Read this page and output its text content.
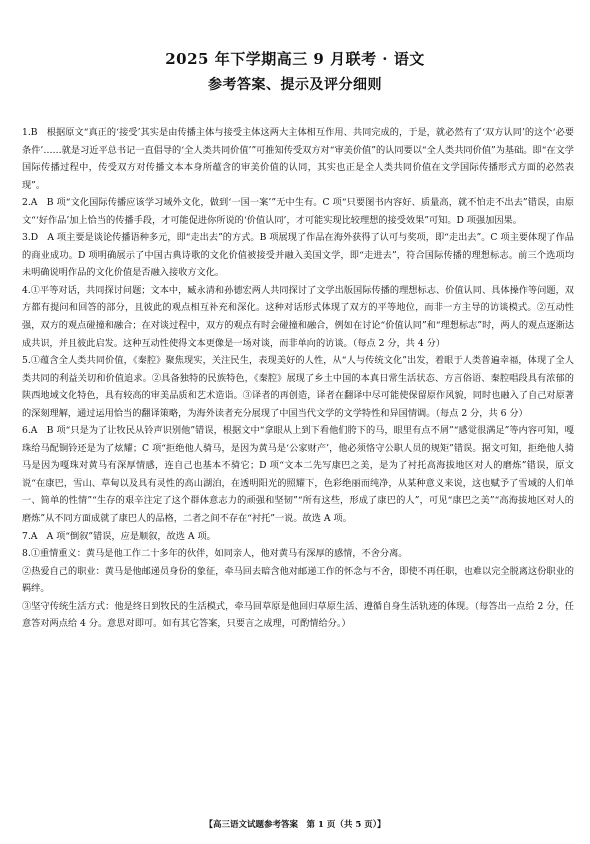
2025 年下学期高三 9 月联考 · 语文
参考答案、提示及评分细则

1.B　根据原文“真正的‘接受’其实是由传播主体与接受主体这两大主体相互作用、共同完成的，于是，就必然有了‘双方认同’的这个‘必要条件’……就是习近平总书记一直倡导的‘全人类共同价值’”可推知传受双方对“审美价值”的认同要以“全人类共同价值”为基础。即“在文学国际传播过程中，传受双方对传播文本本身所蕴含的审美价值的认同，其实也正是全人类共同价值在文学国际传播形式方面的必然表现”。

2.A　B 项“文化国际传播应该学习域外文化，做到‘一国一案’”无中生有。C 项“只要图书内容好、质量高，就不怕走不出去”错误，由原文“‘好作品’加上恰当的传播手段，才可能促进你所说的‘价值认同’，才可能实现比较理想的接受效果”可知。D 项强加因果。

3.D　A 项主要是谈论传播语种多元，即“走出去”的方式。B 项展现了作品在海外获得了认可与奖项，即“走出去”。C 项主要体现了作品的商业成功。D 项明确展示了中国古典诗歌的文化价值被接受并融入美国文学，即“走进去”，符合国际传播的理想标志。前三个选项均未明确说明作品的文化价值是否融入接收方文化。

4.①平等对话，共同探讨问题；文本中，臧永清和孙德宏两人共同探讨了文学出版国际传播的理想标志、价值认同、具体操作等问题，双方都有提问和回答的部分，且彼此的观点相互补充和深化。这种对话形式体现了双方的平等地位，而非一方主导的访谈模式。②互动性强，双方的观点碰撞和融合；在对谈过程中，双方的观点有时会碰撞和融合，例如在讨论“价值认同”和“理想标志”时，两人的观点逐渐达成共识，并且彼此启发。这种互动性使得文本更像是一场对谈，而非单向的访谈。（每点 2 分，共 4 分）

5.①蕴含全人类共同价值，《秦腔》聚焦现实，关注民生，表现美好的人性，从“人与传统文化”出发，着眼于人类普遍幸福，体现了全人类共同的利益关切和价值追求。②具备独特的民族特色，《秦腔》展现了乡土中国的本真日常生活状态、方言俗语、秦腔唱段具有浓郁的陕西地域文化特色，具有较高的审美品质和艺术造诣。③译者的再创造，译者在翻译中尽可能使保留原作风貌，同时也融入了自己对原著的深刻理解，通过运用恰当的翻译策略，为海外读者充分展现了中国当代文学的文学特性和异国情调。（每点 2 分，共 6 分）

6.A　B 项“只是为了让牧民从铃声识别他”错误，根据文中“拿眼从上到下看他们胯下的马，眼里有点不屑”“感觉很满足”等内容可知，嘎珠给马配铜铃还是为了炫耀；C 项“拒绝他人骑马，是因为黄马是‘公家财产’，他必须恪守公职人员的规矩”错误。据文可知，拒绝他人骑马是因为嘎珠对黄马有深厚情感，连自己也基本不骑它；D 项“文本二先写康巴之美，是为了衬托高海拔地区对人的磨炼”错误，原文说“在康巴，雪山、草甸以及具有灵性的高山湖泊，在透明阳光的照耀下，色彩绝丽而纯净，从某种意义来说，这也赋予了雪域的人们单一、简单的性情”“生存的艰辛注定了这个群体意志力的顽强和坚韧”“所有这些，形成了康巴的人”，可见“康巴之美”“高海拔地区对人的磨炼”从不同方面成就了康巴人的品格，二者之间不存在“衬托”一说。故选 A 项。

7.A　A 项“倒叙”错误，应是顺叙，故选 A 项。

8.①重情重义：黄马是他工作二十多年的伙伴，如同亲人，他对黄马有深厚的感情，不舍分离。

②热爱自己的职业：黄马是他邮递员身份的象征，牵马回去暗含他对邮递工作的怀念与不舍，即使不再任职，也难以完全脱离这份职业的羁绊。

③坚守传统生活方式：他是终日到牧民的生活模式，牵马回草原是他回归草原生活、遵循自身生活轨迹的体现。（每答出一点给 2 分，任意答对两点给 4 分。意思对即可。如有其它答案，只要言之成理，可酌情给分。）

【高三语文试题参考答案　第 1 页（共 5 页）】
